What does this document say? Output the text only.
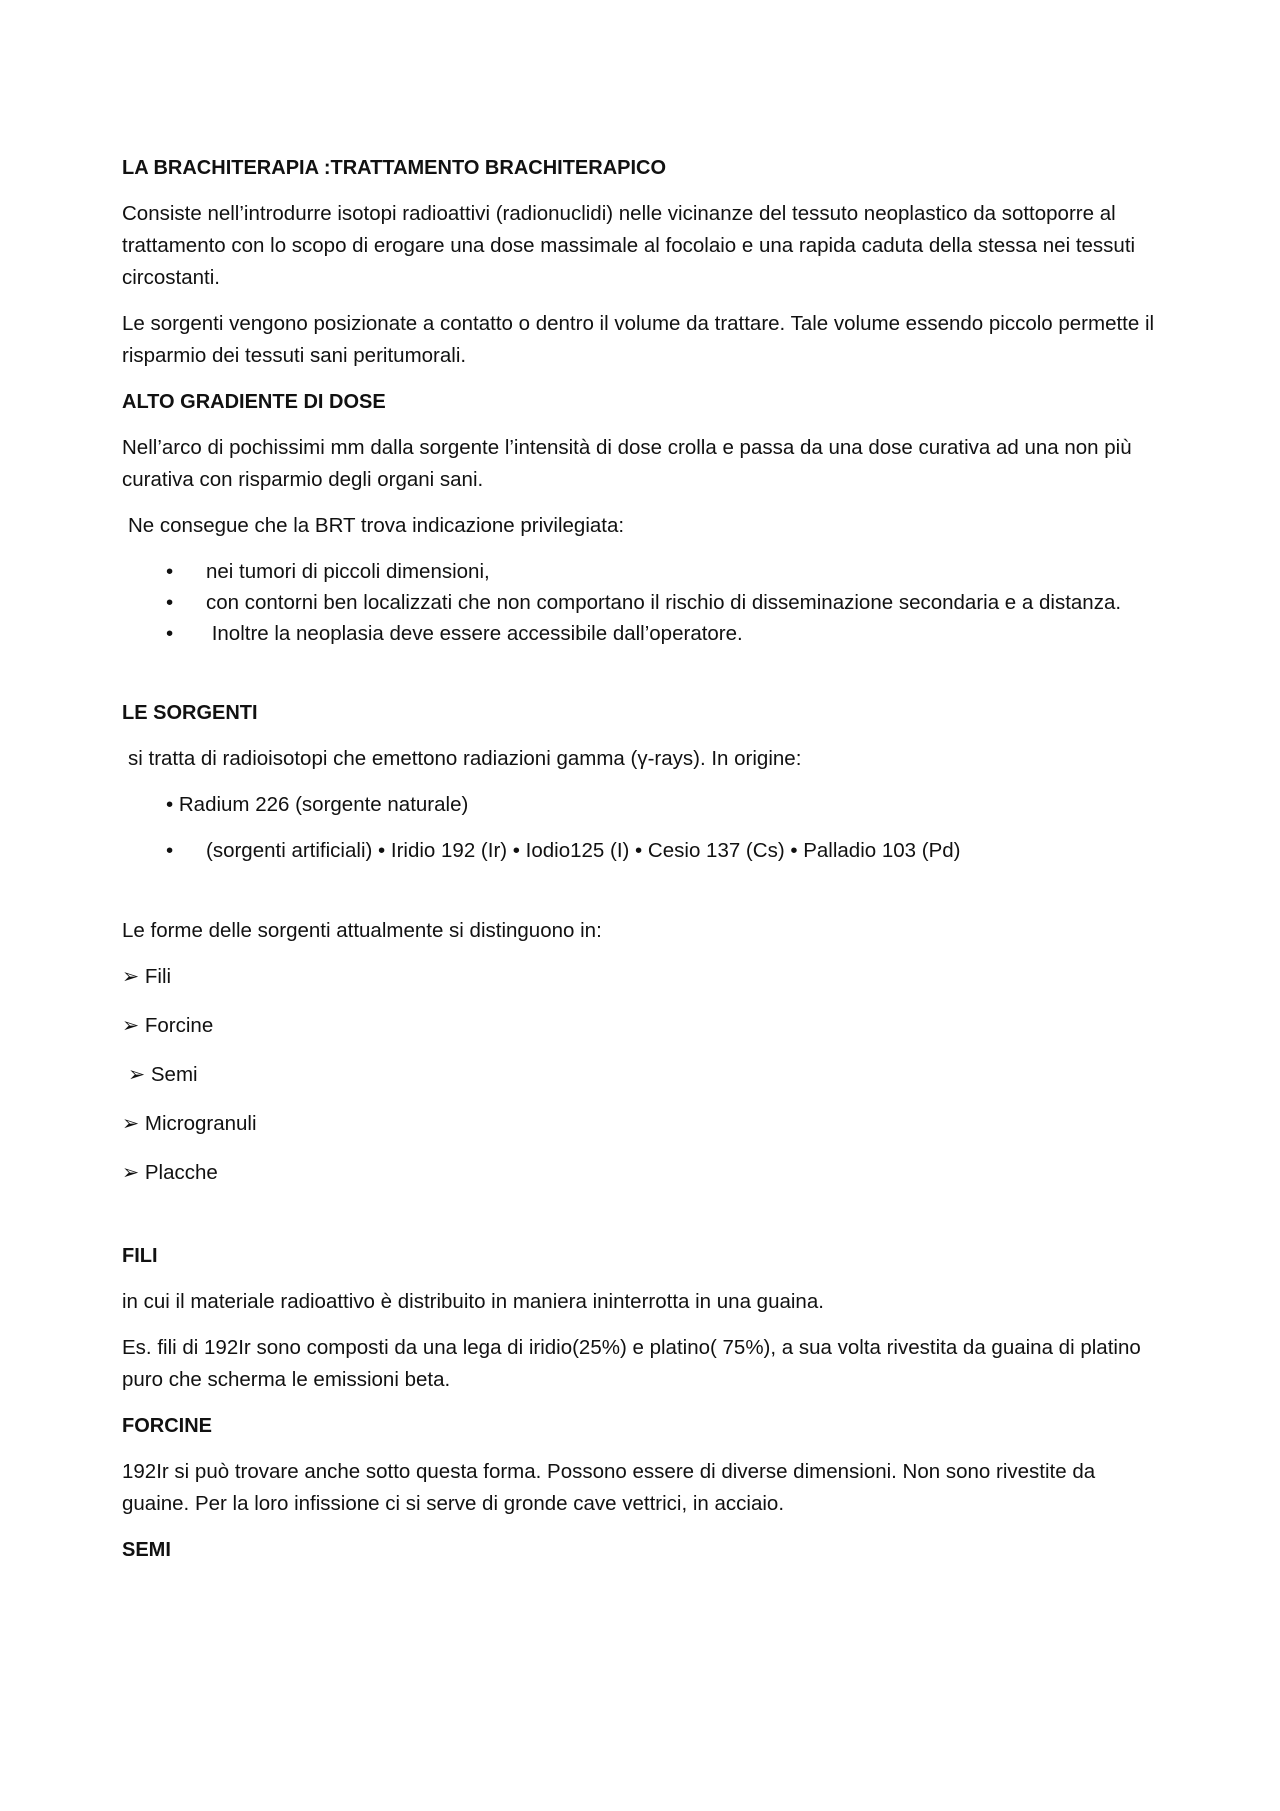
LA BRACHITERAPIA :TRATTAMENTO BRACHITERAPICO
Consiste nell’introdurre isotopi radioattivi (radionuclidi) nelle vicinanze del tessuto neoplastico da sottoporre al trattamento con lo scopo di erogare una dose massimale al focolaio e una rapida caduta della stessa nei tessuti circostanti.
Le sorgenti vengono posizionate a contatto o dentro il volume da trattare. Tale volume essendo piccolo permette il risparmio dei tessuti sani peritumorali.
ALTO GRADIENTE DI DOSE
Nell’arco di pochissimi mm dalla sorgente l’intensità di dose crolla e passa da una dose curativa ad una non più curativa con risparmio degli organi sani.
Ne consegue che la BRT trova indicazione privilegiata:
• nei tumori di piccoli dimensioni,
• con contorni ben localizzati che non comportano il rischio di disseminazione secondaria e a distanza.
• Inoltre la neoplasia deve essere accessibile dall’operatore.
LE SORGENTI
si tratta di radioisotopi che emettono radiazioni gamma (γ-rays). In origine:
• Radium 226 (sorgente naturale)
• (sorgenti artificiali) • Iridio 192 (Ir) • Iodio125 (I) • Cesio 137 (Cs) • Palladio 103 (Pd)
Le forme delle sorgenti attualmente si distinguono in:
➢ Fili
➢ Forcine
➢ Semi
➢ Microgranuli
➢ Placche
FILI
in cui il materiale radioattivo è distribuito in maniera ininterrotta in una guaina.
Es. fili di 192Ir sono composti da una lega di iridio(25%) e platino( 75%), a sua volta rivestita da guaina di platino puro che scherma le emissioni beta.
FORCINE
192Ir si può trovare anche sotto questa forma. Possono essere di diverse dimensioni. Non sono rivestite da guaine. Per la loro infissione ci si serve di gronde cave vettrici, in acciaio.
SEMI
